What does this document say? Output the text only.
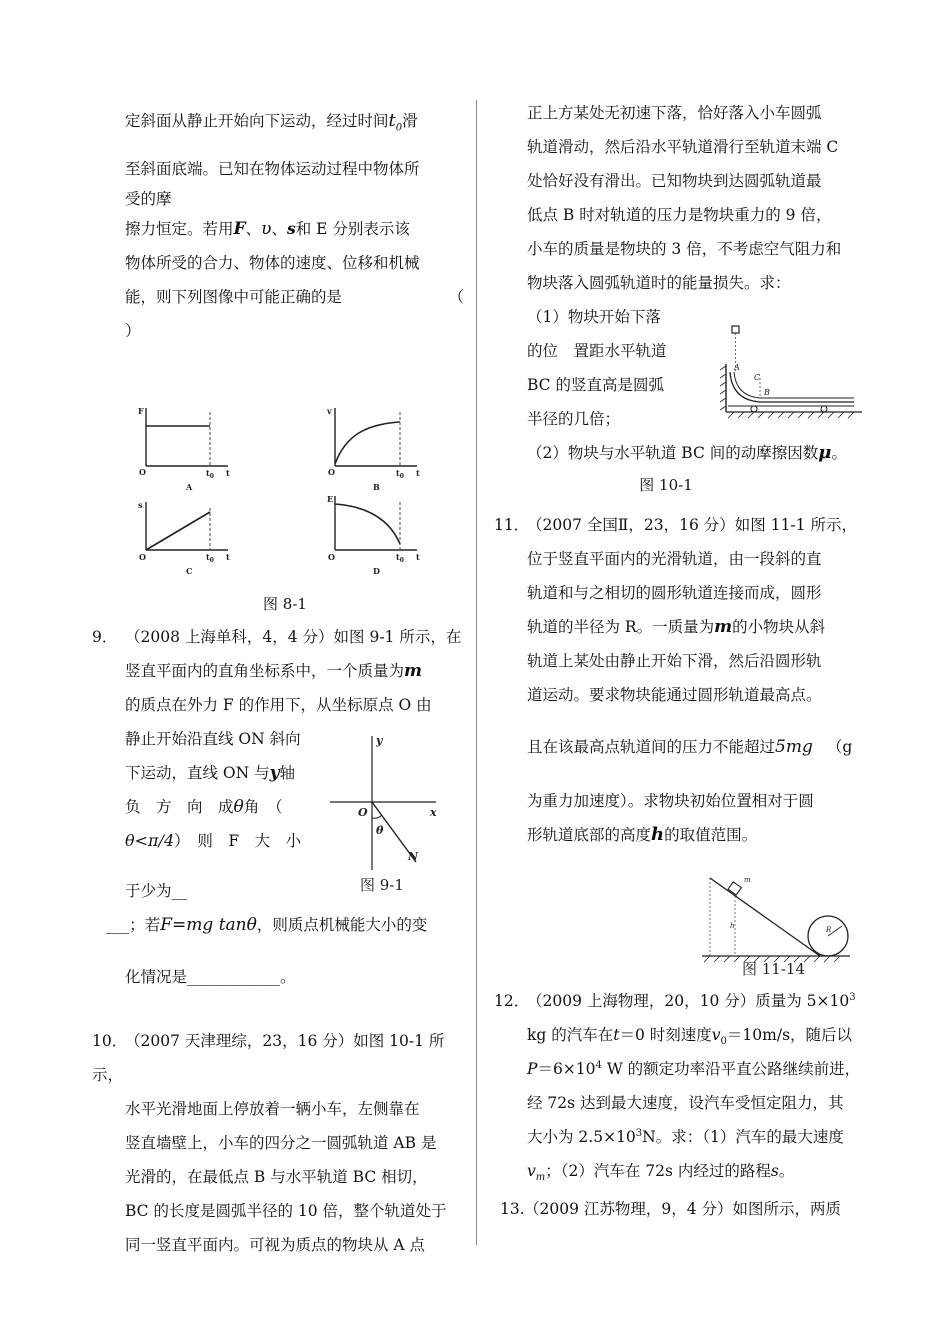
定斜面从静止开始向下运动，经过时间$t_0$滑

至斜面底端。已知在物体运动过程中物体所

受的摩

擦力恒定。若用F、υ、s和 E 分别表示该

物体所受的合力、物体的速度、位移和机械

能，则下列图像中可能正确的是	（

）

F
O	$t_0$ t
A
v
O	$t_0$ t
B
s
O	$t_0$ t
C
E
O	$t_0$ t
D
图 8-1

9． （2008 上海单科，4，4 分）如图 9-1 所示，在

竖直平面内的直角坐标系中，一个质量为m

的质点在外力 F 的作用下，从坐标原点 O 由

静止开始沿直线 ON 斜向

下运动，直线 ON 与y轴

负　方　向　成θ角　（

θ<π/4）　则　F　大　小

于少为__

___；若F=mg tanθ，则质点机械能大小的变

化情况是____________。

y
x
O
θ
N
图 9-1

10．（2007 天津理综，23，16 分）如图 10-1 所示，

水平光滑地面上停放着一辆小车，左侧靠在

竖直墙壁上，小车的四分之一圆弧轨道 AB 是

光滑的，在最低点 B 与水平轨道 BC 相切，

BC 的长度是圆弧半径的 10 倍，整个轨道处于

同一竖直平面内。可视为质点的物块从 A 点

正上方某处无初速下落，恰好落入小车圆弧

轨道滑动，然后沿水平轨道滑行至轨道末端 C

处恰好没有滑出。已知物块到达圆弧轨道最

低点 B 时对轨道的压力是物块重力的 9 倍，

小车的质量是物块的 3 倍，不考虑空气阻力和

物块落入圆弧轨道时的能量损失。求：

（1）物块开始下落

的位　置距水平轨道

BC 的竖直高是圆弧

半径的几倍；

（2）物块与水平轨道 BC 间的动摩擦因数μ。

图 10-1

A
C
B

11．（2007 全国Ⅱ，23，16 分）如图 11-1 所示，

位于竖直平面内的光滑轨道，由一段斜的直

轨道和与之相切的圆形轨道连接而成，圆形

轨道的半径为 R。一质量为m的小物块从斜

轨道上某处由静止开始下滑，然后沿圆形轨

道运动。要求物块能通过圆形轨道最高点。

且在该最高点轨道间的压力不能超过5mg （g

为重力加速度）。求物块初始位置相对于圆

形轨道底部的高度h的取值范围。

m
h	R
图 11-14

12．（2009 上海物理，20，10 分）质量为 $5\times 10^3$

kg 的汽车在t＝0 时刻速度$v_0=10m/s$，随后以

$P=6\times 10^4$ W 的额定功率沿平直公路继续前进，

经 72s 达到最大速度，设汽车受恒定阻力，其

大小为 $2.5\times 10^3N$。求：（1）汽车的最大速度

$v_m$；（2）汽车在 72s 内经过的路程s。

13.（2009 江苏物理，9，4 分）如图所示，两质
